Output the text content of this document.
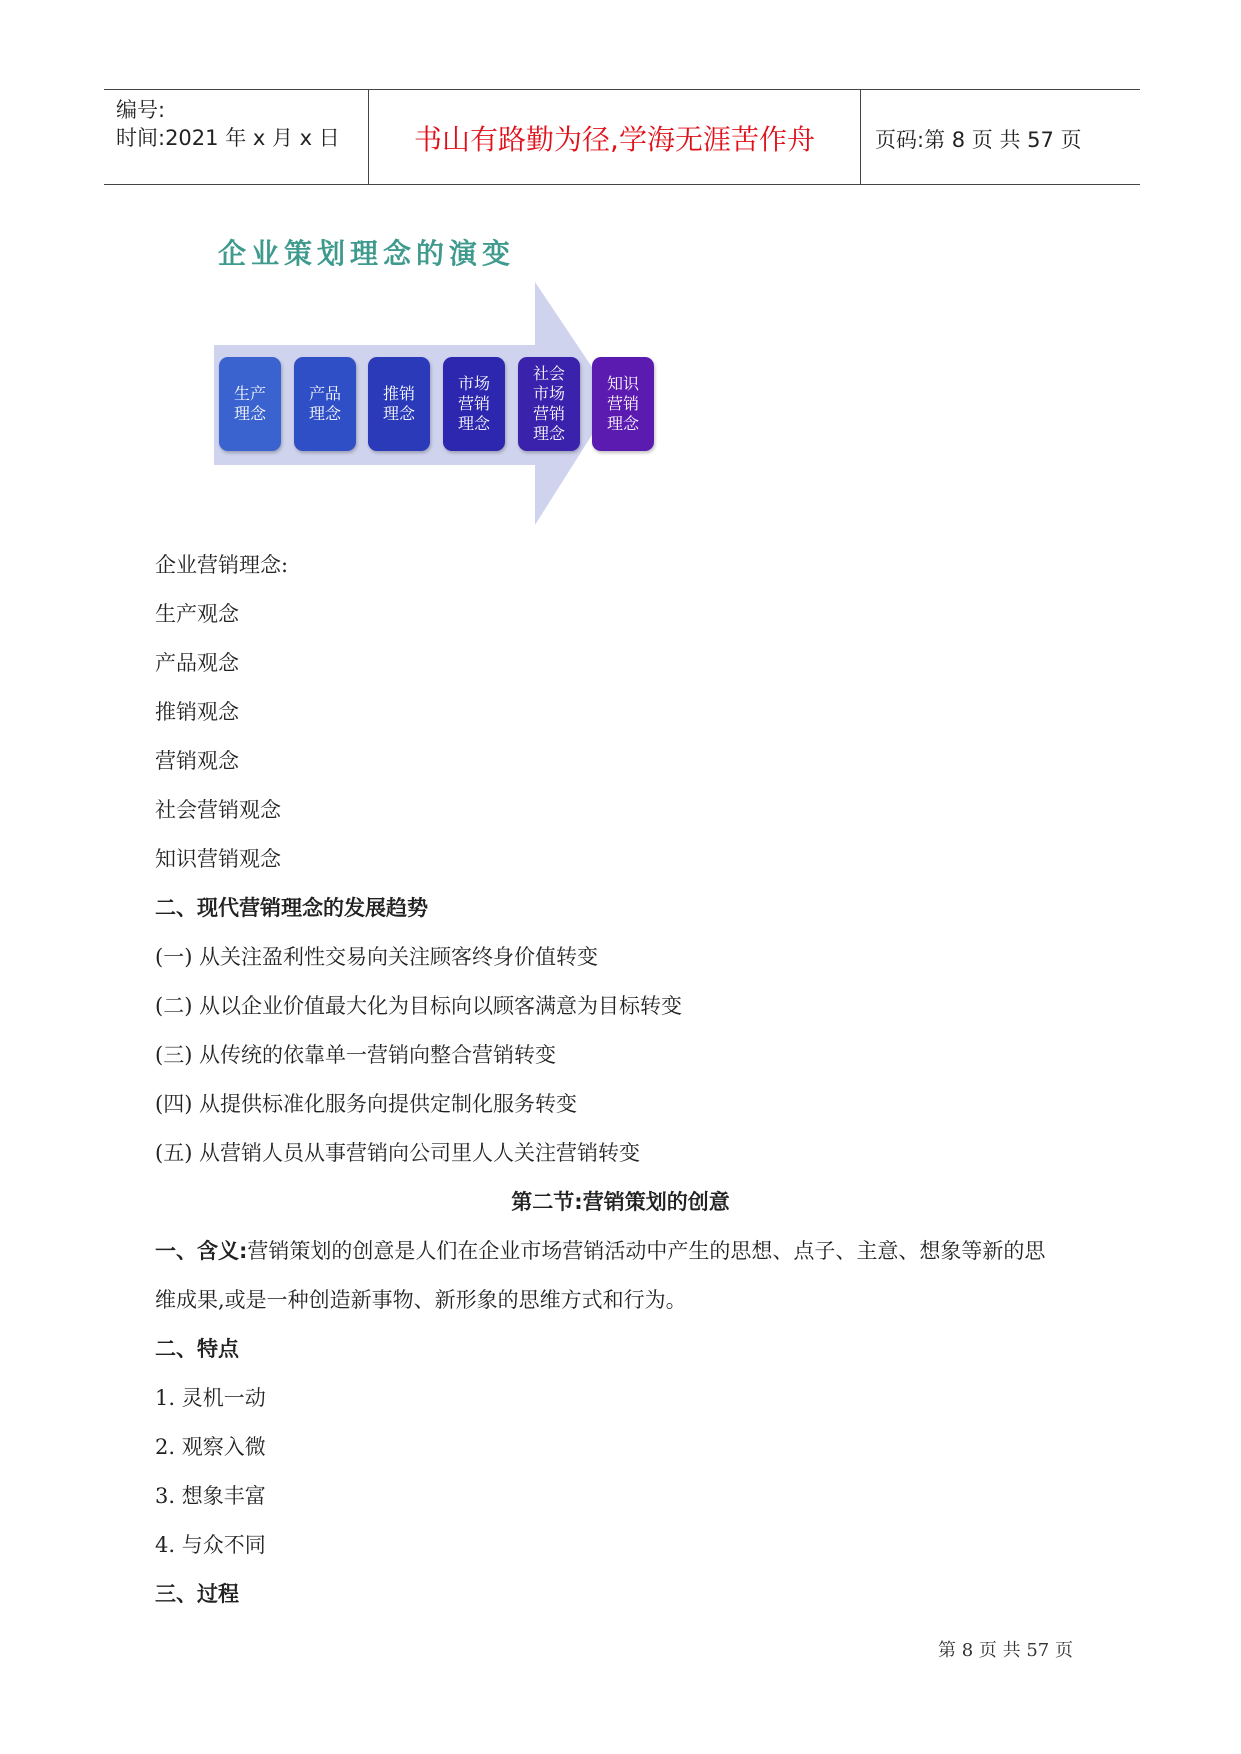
编号:
时间:2021 年 x 月 x 日	书山有路勤为径,学海无涯苦作舟	页码:第 8 页 共 57 页
企业策划理念的演变
生产理念
产品理念
推销理念
市场营销理念
社会市场营销理念
知识营销理念
企业营销理念:
生产观念
产品观念
推销观念
营销观念
社会营销观念
知识营销观念
二、现代营销理念的发展趋势
(一) 从关注盈利性交易向关注顾客终身价值转变
(二) 从以企业价值最大化为目标向以顾客满意为目标转变
(三) 从传统的依靠单一营销向整合营销转变
(四) 从提供标准化服务向提供定制化服务转变
(五) 从营销人员从事营销向公司里人人关注营销转变
第二节:营销策划的创意
一、含义:营销策划的创意是人们在企业市场营销活动中产生的思想、点子、主意、想象等新的思
维成果,或是一种创造新事物、新形象的思维方式和行为。
二、特点
1. 灵机一动
2. 观察入微
3. 想象丰富
4. 与众不同
三、过程
第 8 页 共 57 页
